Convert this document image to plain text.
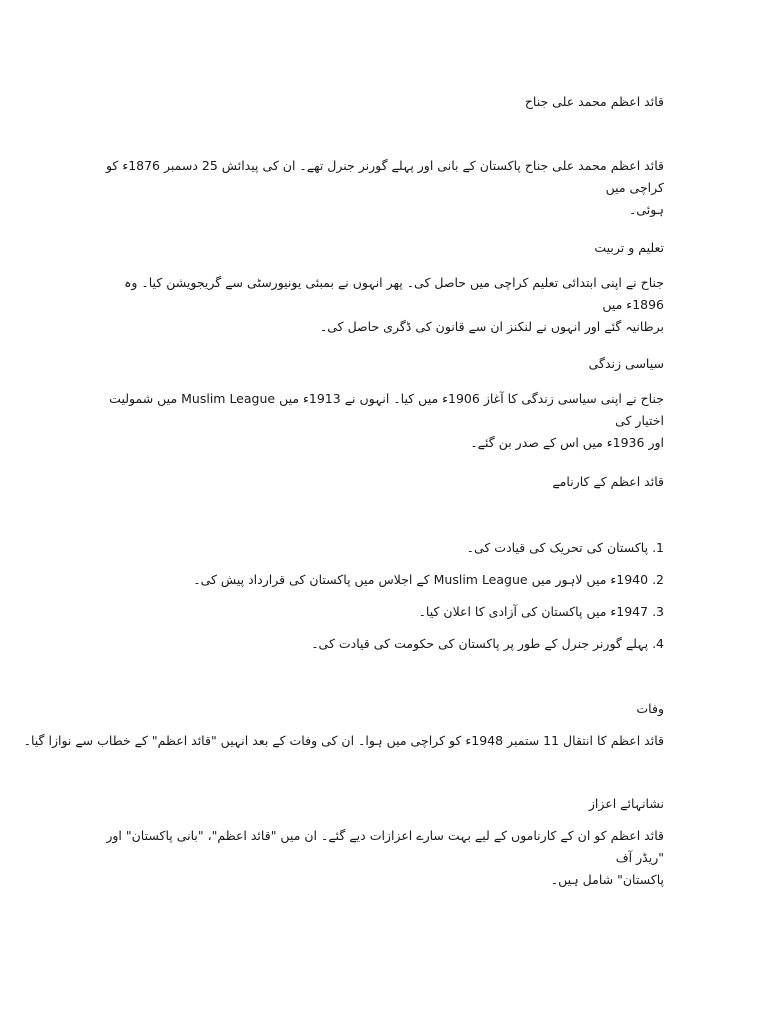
قائد اعظم محمد علی جناح

قائد اعظم محمد علی جناح پاکستان کے بانی اور پہلے گورنر جنرل تھے۔ ان کی پیدائش 25 دسمبر 1876ء کو کراچی میں

ہوئی۔

تعلیم و تربیت

جناح نے اپنی ابتدائی تعلیم کراچی میں حاصل کی۔ پھر انہوں نے بمبئی یونیورسٹی سے گریجویشن کیا۔ وہ 1896ء میں

برطانیہ گئے اور انہوں نے لنکنز ان سے قانون کی ڈگری حاصل کی۔

سیاسی زندگی

جناح نے اپنی سیاسی زندگی کا آغاز 1906ء میں کیا۔ انہوں نے 1913ء میں Muslim League میں شمولیت اختیار کی

اور 1936ء میں اس کے صدر بن گئے۔

قائد اعظم کے کارنامے
1. پاکستان کی تحریک کی قیادت کی۔
2. 1940ء میں لاہور میں Muslim League کے اجلاس میں پاکستان کی قرارداد پیش کی۔
3. 1947ء میں پاکستان کی آزادی کا اعلان کیا۔
4. پہلے گورنر جنرل کے طور پر پاکستان کی حکومت کی قیادت کی۔
وفات
قائد اعظم کا انتقال 11 ستمبر 1948ء کو کراچی میں ہوا۔ ان کی وفات کے بعد انہیں "قائد اعظم" کے خطاب سے نوازا گیا۔
نشانہائے اعزاز

قائد اعظم کو ان کے کارناموں کے لیے بہت سارے اعزازات دیے گئے۔ ان میں "قائد اعظم"، "بانی پاکستان" اور "ریڈر آف

پاکستان" شامل ہیں۔
